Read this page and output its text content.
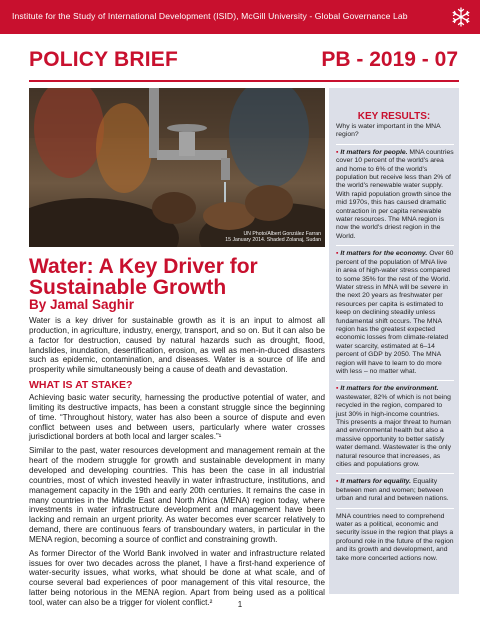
Institute for the Study of International Development (ISID), McGill University - Global Governance Lab
POLICY BRIEF	PB - 2019 - 07
UN Photo/Albert González Farran
15 January 2014. Shaded Zolanaj, Sudan
Water: A Key Driver for
Sustainable Growth
By Jamal Saghir

Water is a key driver for sustainable growth as it is an input to almost all production, in agriculture, industry, energy, transport, and so on. But it can also be a factor for destruction, caused by natural hazards such as drought, flood, landslides, inundation, desertification, erosion, as well as men-in-duced disasters such as epidemic, contamination, and diseases. Water is a source of life and prosperity while simultaneously being a cause of death and devastation.

WHAT IS AT STAKE?

Achieving basic water security, harnessing the productive potential of water, and limiting its destructive impacts, has been a constant struggle since the beginning of time. “Throughout history, water has also been a source of dispute and even conflict between uses and between users, particularly where water crosses jurisdictional borders at both local and larger scales.”¹

Similar to the past, water resources development and management remain at the heart of the modern struggle for growth and sustainable development in many developed and developing countries. This has been the case in all industrial countries, most of which invested heavily in water infrastructure, institutions, and management capacity in the 19th and early 20th centuries. It remains the case in many countries in the Middle East and North Africa (MENA) region today, where investments in water infrastructure development and management have been lacking and remain an urgent priority. As water becomes ever scarcer relatively to demand, there are continuous fears of transboundary waters, in particular in the MENA region, becoming a source of conflict and constraining growth.

As former Director of the World Bank involved in water and infrastructure related issues for over two decades across the planet, I have a first-hand experience of water-security issues, what works, what should be done at what scale, and of course several bad experiences of poor management of this vital resource, the latter being notorious in the MENA region. Apart from being used as a political tool, water can also be a trigger for violent conflict.²

KEY RESULTS:

Why is water important in the MNA region?

▪ It matters for people. MNA countries cover 10 percent of the world's area and home to 6% of the world's population but receive less than 2% of the world's renewable water supply. With rapid population growth since the mid 1970s, this has caused dramatic contraction in per capita renewable water resources. The MNA region is now the world's driest region in the World.

▪ It matters for the economy. Over 60 percent of the population of MNA live in area of high-water stress compared to some 35% for the rest of the World. Water stress in MNA will be severe in the next 20 years as freshwater per resources per capita is estimated to keep on declining steadily unless fundamental shift occurs. The MNA region has the greatest expected economic losses from climate-related water scarcity, estimated at 6–14 percent of GDP by 2050. The MNA region will have to learn to do more with less – no matter what.

▪ It matters for the environment. wastewater, 82% of which is not being recycled in the region, compared to just 30% in high-income countries. This presents a major threat to human and environmental health but also a massive opportunity to better satisfy water demand. Wastewater is the only natural resource that increases, as cities and populations grow.

▪ It matters for equality. Equality between men and women; between urban and rural and between nations.

MNA countries need to comprehend water as a political, economic and security issue in the region that plays a profound role in the future of the region and its growth and development, and take more concerted actions now.

1
